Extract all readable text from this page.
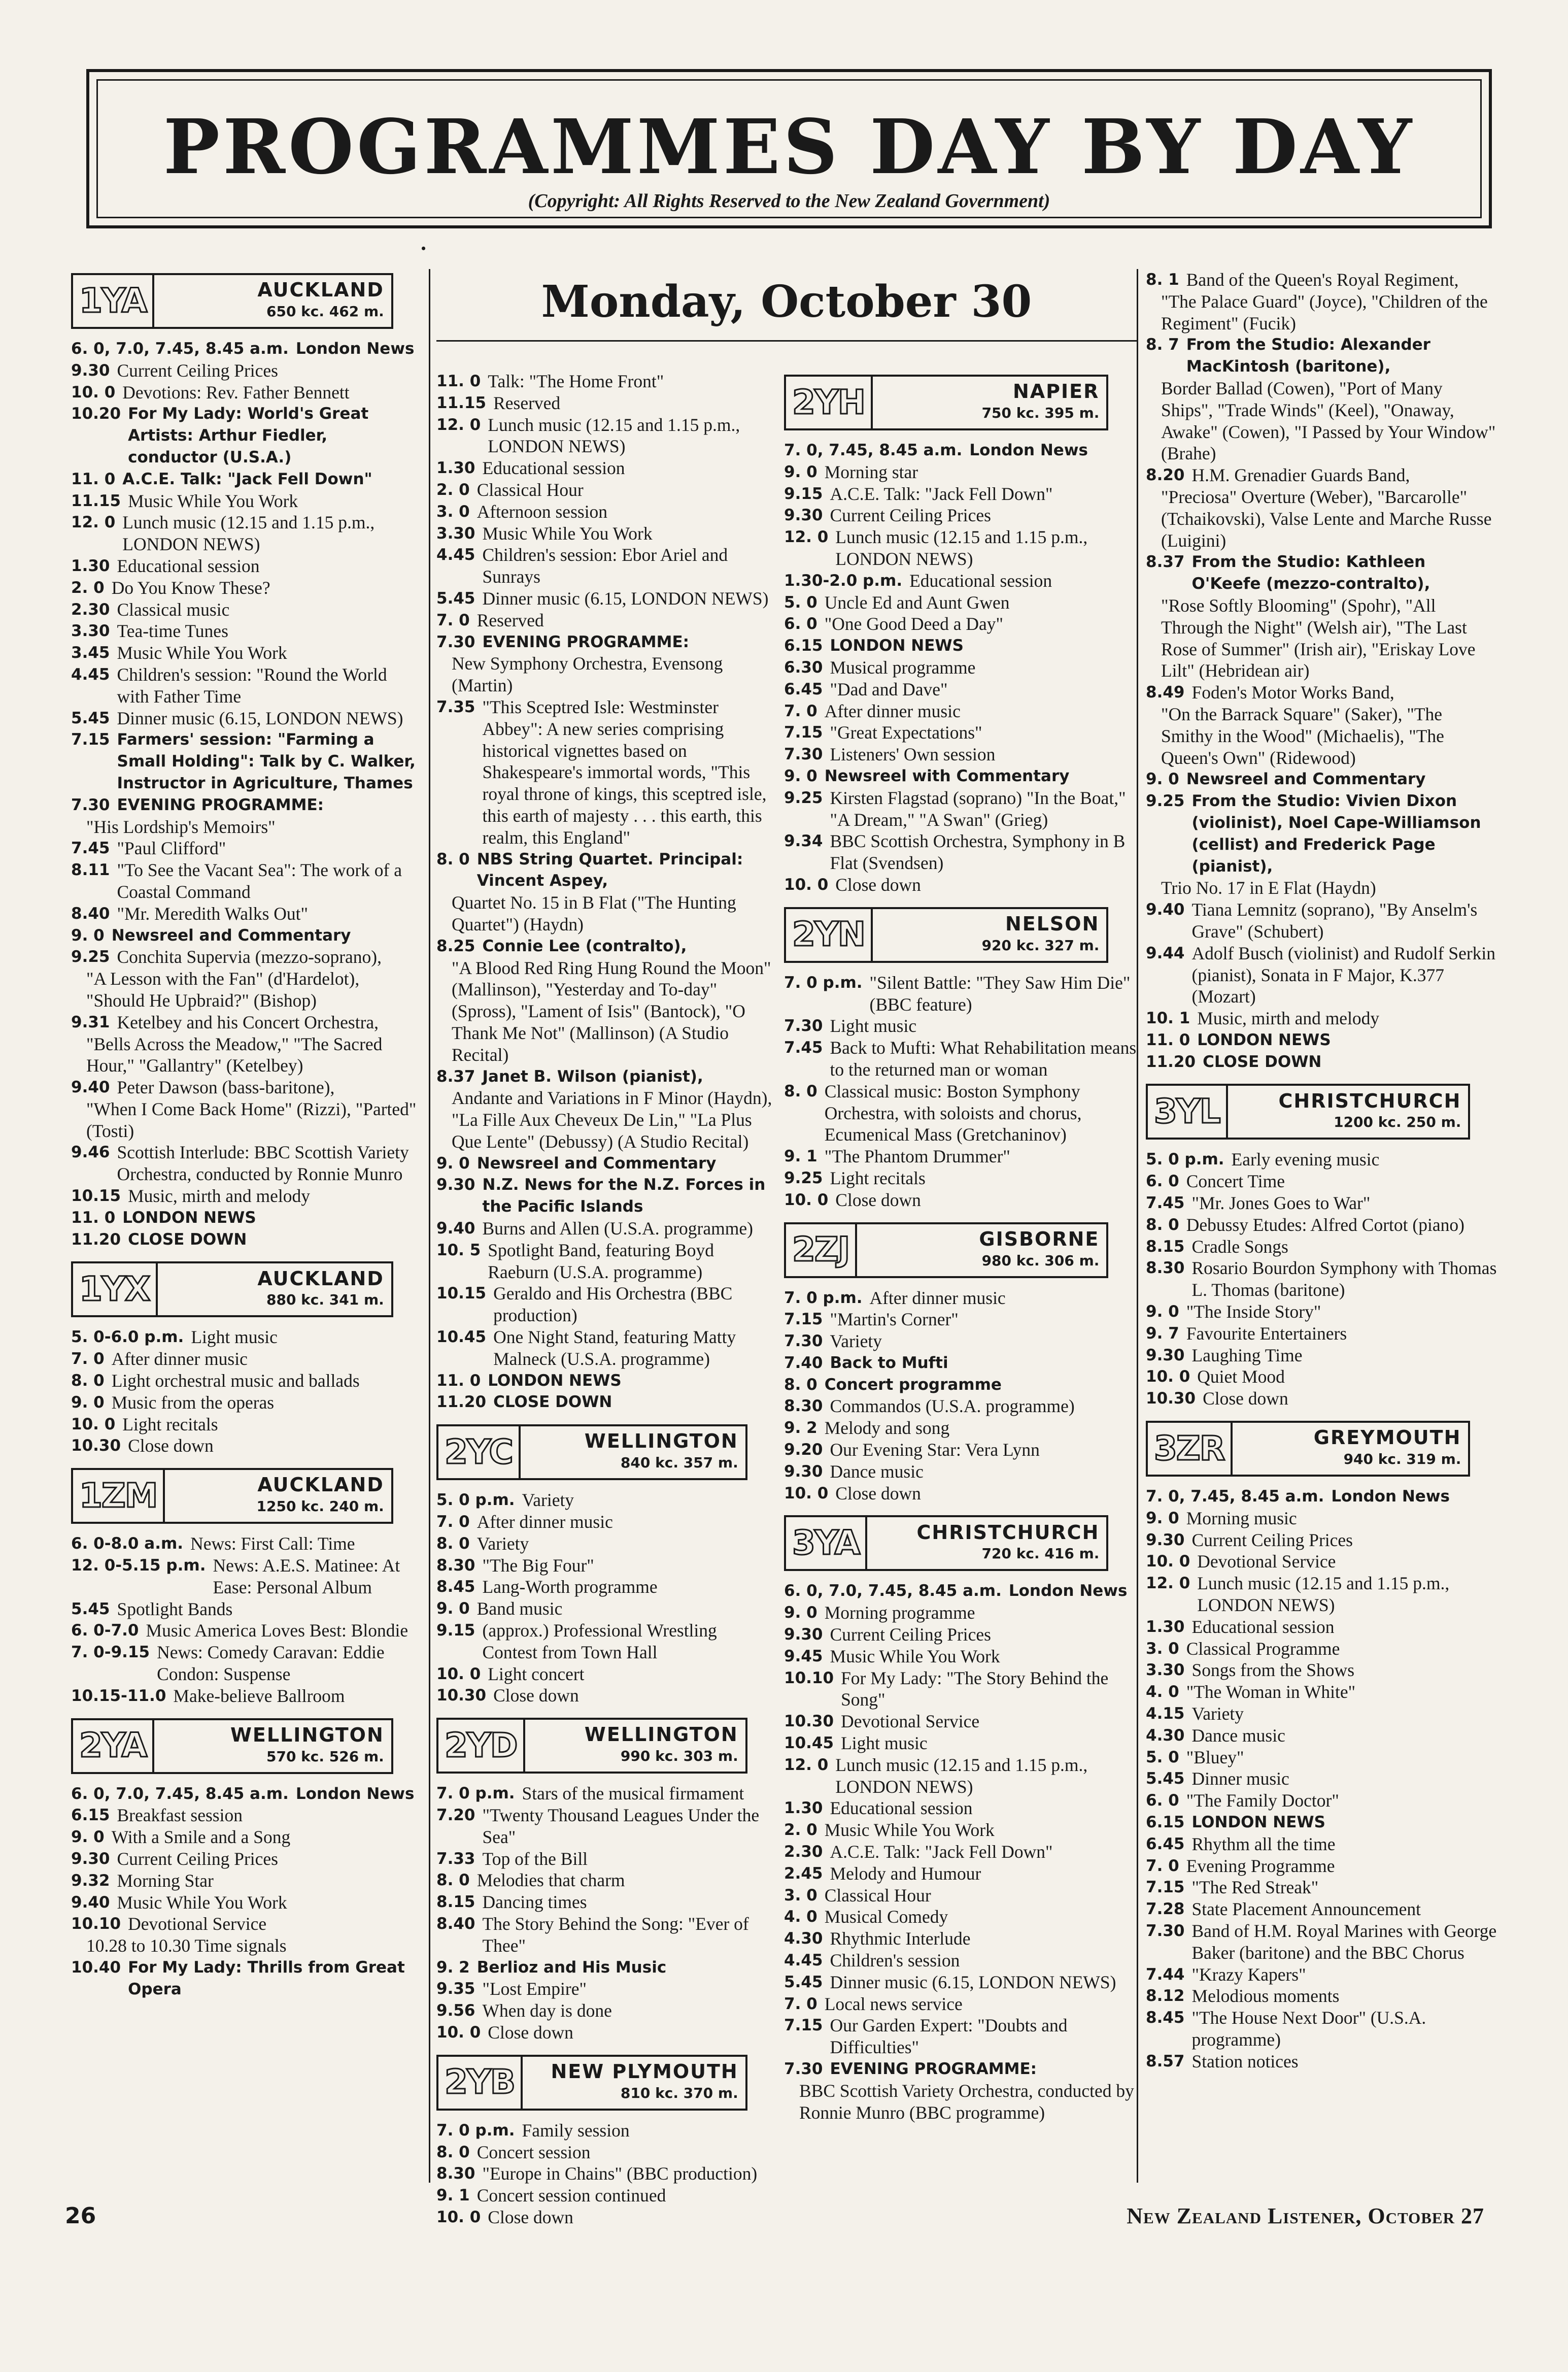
PROGRAMMES DAY BY DAY
(Copyright: All Rights Reserved to the New Zealand Government)
•
1YA	AUCKLAND
650 kc. 462 m.
6. 0, 7.0, 7.45, 8.45 a.m. London News
9.30 Current Ceiling Prices
10. 0 Devotions: Rev. Father Bennett
10.20 For My Lady: World's Great Artists: Arthur Fiedler, conductor (U.S.A.)
11. 0 A.C.E. Talk: "Jack Fell Down"
11.15 Music While You Work
12. 0 Lunch music (12.15 and 1.15 p.m., LONDON NEWS)
1.30 Educational session
2. 0 Do You Know These?
2.30 Classical music
3.30 Tea-time Tunes
3.45 Music While You Work
4.45 Children's session: "Round the World with Father Time
5.45 Dinner music (6.15, LONDON NEWS)
7.15 Farmers' session: "Farming a Small Holding": Talk by C. Walker, Instructor in Agriculture, Thames
7.30 EVENING PROGRAMME:
"His Lordship's Memoirs"
7.45 "Paul Clifford"
8.11 "To See the Vacant Sea": The work of a Coastal Command
8.40 "Mr. Meredith Walks Out"
9. 0 Newsreel and Commentary
9.25 Conchita Supervia (mezzo-soprano),
"A Lesson with the Fan" (d'Hardelot), "Should He Upbraid?" (Bishop)
9.31 Ketelbey and his Concert Orchestra,
"Bells Across the Meadow," "The Sacred Hour," "Gallantry" (Ketelbey)
9.40 Peter Dawson (bass-baritone),
"When I Come Back Home" (Rizzi), "Parted" (Tosti)
9.46 Scottish Interlude: BBC Scottish Variety Orchestra, conducted by Ronnie Munro
10.15 Music, mirth and melody
11. 0 LONDON NEWS
11.20 CLOSE DOWN
1YX	AUCKLAND
880 kc. 341 m.
5. 0-6.0 p.m. Light music
7. 0 After dinner music
8. 0 Light orchestral music and ballads
9. 0 Music from the operas
10. 0 Light recitals
10.30 Close down
1ZM	AUCKLAND
1250 kc. 240 m.
6. 0-8.0 a.m. News: First Call: Time
12. 0-5.15 p.m. News: A.E.S. Matinee: At Ease: Personal Album
5.45 Spotlight Bands
6. 0-7.0 Music America Loves Best: Blondie
7. 0-9.15 News: Comedy Caravan: Eddie Condon: Suspense
10.15-11.0 Make-believe Ballroom
2YA	WELLINGTON
570 kc. 526 m.
6. 0, 7.0, 7.45, 8.45 a.m. London News
6.15 Breakfast session
9. 0 With a Smile and a Song
9.30 Current Ceiling Prices
9.32 Morning Star
9.40 Music While You Work
10.10 Devotional Service
10.28 to 10.30 Time signals
10.40 For My Lady: Thrills from Great Opera
Monday, October 30
11. 0 Talk: "The Home Front"
11.15 Reserved
12. 0 Lunch music (12.15 and 1.15 p.m., LONDON NEWS)
1.30 Educational session
2. 0 Classical Hour
3. 0 Afternoon session
3.30 Music While You Work
4.45 Children's session: Ebor Ariel and Sunrays
5.45 Dinner music (6.15, LONDON NEWS)
7. 0 Reserved
7.30 EVENING PROGRAMME:
New Symphony Orchestra, Evensong (Martin)
7.35 "This Sceptred Isle: Westminster Abbey": A new series comprising historical vignettes based on Shakespeare's immortal words, "This royal throne of kings, this sceptred isle, this earth of majesty . . . this earth, this realm, this England"
8. 0 NBS String Quartet. Principal: Vincent Aspey,
Quartet No. 15 in B Flat ("The Hunting Quartet") (Haydn)
8.25 Connie Lee (contralto),
"A Blood Red Ring Hung Round the Moon" (Mallinson), "Yesterday and To-day" (Spross), "Lament of Isis" (Bantock), "O Thank Me Not" (Mallinson) (A Studio Recital)
8.37 Janet B. Wilson (pianist),
Andante and Variations in F Minor (Haydn), "La Fille Aux Cheveux De Lin," "La Plus Que Lente" (Debussy) (A Studio Recital)
9. 0 Newsreel and Commentary
9.30 N.Z. News for the N.Z. Forces in the Pacific Islands
9.40 Burns and Allen (U.S.A. programme)
10. 5 Spotlight Band, featuring Boyd Raeburn (U.S.A. programme)
10.15 Geraldo and His Orchestra (BBC production)
10.45 One Night Stand, featuring Matty Malneck (U.S.A. programme)
11. 0 LONDON NEWS
11.20 CLOSE DOWN
2YC	WELLINGTON
840 kc. 357 m.
5. 0 p.m. Variety
7. 0 After dinner music
8. 0 Variety
8.30 "The Big Four"
8.45 Lang-Worth programme
9. 0 Band music
9.15 (approx.) Professional Wrestling Contest from Town Hall
10. 0 Light concert
10.30 Close down
2YD	WELLINGTON
990 kc. 303 m.
7. 0 p.m. Stars of the musical firmament
7.20 "Twenty Thousand Leagues Under the Sea"
7.33 Top of the Bill
8. 0 Melodies that charm
8.15 Dancing times
8.40 The Story Behind the Song: "Ever of Thee"
9. 2 Berlioz and His Music
9.35 "Lost Empire"
9.56 When day is done
10. 0 Close down
2YB	NEW PLYMOUTH
810 kc. 370 m.
7. 0 p.m. Family session
8. 0 Concert session
8.30 "Europe in Chains" (BBC production)
9. 1 Concert session continued
10. 0 Close down
2YH	NAPIER
750 kc. 395 m.
7. 0, 7.45, 8.45 a.m. London News
9. 0 Morning star
9.15 A.C.E. Talk: "Jack Fell Down"
9.30 Current Ceiling Prices
12. 0 Lunch music (12.15 and 1.15 p.m., LONDON NEWS)
1.30-2.0 p.m. Educational session
5. 0 Uncle Ed and Aunt Gwen
6. 0 "One Good Deed a Day"
6.15 LONDON NEWS
6.30 Musical programme
6.45 "Dad and Dave"
7. 0 After dinner music
7.15 "Great Expectations"
7.30 Listeners' Own session
9. 0 Newsreel with Commentary
9.25 Kirsten Flagstad (soprano) "In the Boat," "A Dream," "A Swan" (Grieg)
9.34 BBC Scottish Orchestra, Symphony in B Flat (Svendsen)
10. 0 Close down
2YN	NELSON
920 kc. 327 m.
7. 0 p.m. "Silent Battle: "They Saw Him Die" (BBC feature)
7.30 Light music
7.45 Back to Mufti: What Rehabilitation means to the returned man or woman
8. 0 Classical music: Boston Symphony Orchestra, with soloists and chorus, Ecumenical Mass (Gretchaninov)
9. 1 "The Phantom Drummer"
9.25 Light recitals
10. 0 Close down
2ZJ	GISBORNE
980 kc. 306 m.
7. 0 p.m. After dinner music
7.15 "Martin's Corner"
7.30 Variety
7.40 Back to Mufti
8. 0 Concert programme
8.30 Commandos (U.S.A. programme)
9. 2 Melody and song
9.20 Our Evening Star: Vera Lynn
9.30 Dance music
10. 0 Close down
3YA	CHRISTCHURCH
720 kc. 416 m.
6. 0, 7.0, 7.45, 8.45 a.m. London News
9. 0 Morning programme
9.30 Current Ceiling Prices
9.45 Music While You Work
10.10 For My Lady: "The Story Behind the Song"
10.30 Devotional Service
10.45 Light music
12. 0 Lunch music (12.15 and 1.15 p.m., LONDON NEWS)
1.30 Educational session
2. 0 Music While You Work
2.30 A.C.E. Talk: "Jack Fell Down"
2.45 Melody and Humour
3. 0 Classical Hour
4. 0 Musical Comedy
4.30 Rhythmic Interlude
4.45 Children's session
5.45 Dinner music (6.15, LONDON NEWS)
7. 0 Local news service
7.15 Our Garden Expert: "Doubts and Difficulties"
7.30 EVENING PROGRAMME:
BBC Scottish Variety Orchestra, conducted by Ronnie Munro (BBC programme)
8. 1 Band of the Queen's Royal Regiment,
"The Palace Guard" (Joyce), "Children of the Regiment" (Fucik)
8. 7 From the Studio: Alexander MacKintosh (baritone),
Border Ballad (Cowen), "Port of Many Ships", "Trade Winds" (Keel), "Onaway, Awake" (Cowen), "I Passed by Your Window" (Brahe)
8.20 H.M. Grenadier Guards Band,
"Preciosa" Overture (Weber), "Barcarolle" (Tchaikovski), Valse Lente and Marche Russe (Luigini)
8.37 From the Studio: Kathleen O'Keefe (mezzo-contralto),
"Rose Softly Blooming" (Spohr), "All Through the Night" (Welsh air), "The Last Rose of Summer" (Irish air), "Eriskay Love Lilt" (Hebridean air)
8.49 Foden's Motor Works Band,
"On the Barrack Square" (Saker), "The Smithy in the Wood" (Michaelis), "The Queen's Own" (Ridewood)
9. 0 Newsreel and Commentary
9.25 From the Studio: Vivien Dixon (violinist), Noel Cape-Williamson (cellist) and Frederick Page (pianist),
Trio No. 17 in E Flat (Haydn)
9.40 Tiana Lemnitz (soprano), "By Anselm's Grave" (Schubert)
9.44 Adolf Busch (violinist) and Rudolf Serkin (pianist), Sonata in F Major, K.377 (Mozart)
10. 1 Music, mirth and melody
11. 0 LONDON NEWS
11.20 CLOSE DOWN
3YL	CHRISTCHURCH
1200 kc. 250 m.
5. 0 p.m. Early evening music
6. 0 Concert Time
7.45 "Mr. Jones Goes to War"
8. 0 Debussy Etudes: Alfred Cortot (piano)
8.15 Cradle Songs
8.30 Rosario Bourdon Symphony with Thomas L. Thomas (baritone)
9. 0 "The Inside Story"
9. 7 Favourite Entertainers
9.30 Laughing Time
10. 0 Quiet Mood
10.30 Close down
3ZR	GREYMOUTH
940 kc. 319 m.
7. 0, 7.45, 8.45 a.m. London News
9. 0 Morning music
9.30 Current Ceiling Prices
10. 0 Devotional Service
12. 0 Lunch music (12.15 and 1.15 p.m., LONDON NEWS)
1.30 Educational session
3. 0 Classical Programme
3.30 Songs from the Shows
4. 0 "The Woman in White"
4.15 Variety
4.30 Dance music
5. 0 "Bluey"
5.45 Dinner music
6. 0 "The Family Doctor"
6.15 LONDON NEWS
6.45 Rhythm all the time
7. 0 Evening Programme
7.15 "The Red Streak"
7.28 State Placement Announcement
7.30 Band of H.M. Royal Marines with George Baker (baritone) and the BBC Chorus
7.44 "Krazy Kapers"
8.12 Melodious moments
8.45 "The House Next Door" (U.S.A. programme)
8.57 Station notices
26	New Zealand Listener, October 27
